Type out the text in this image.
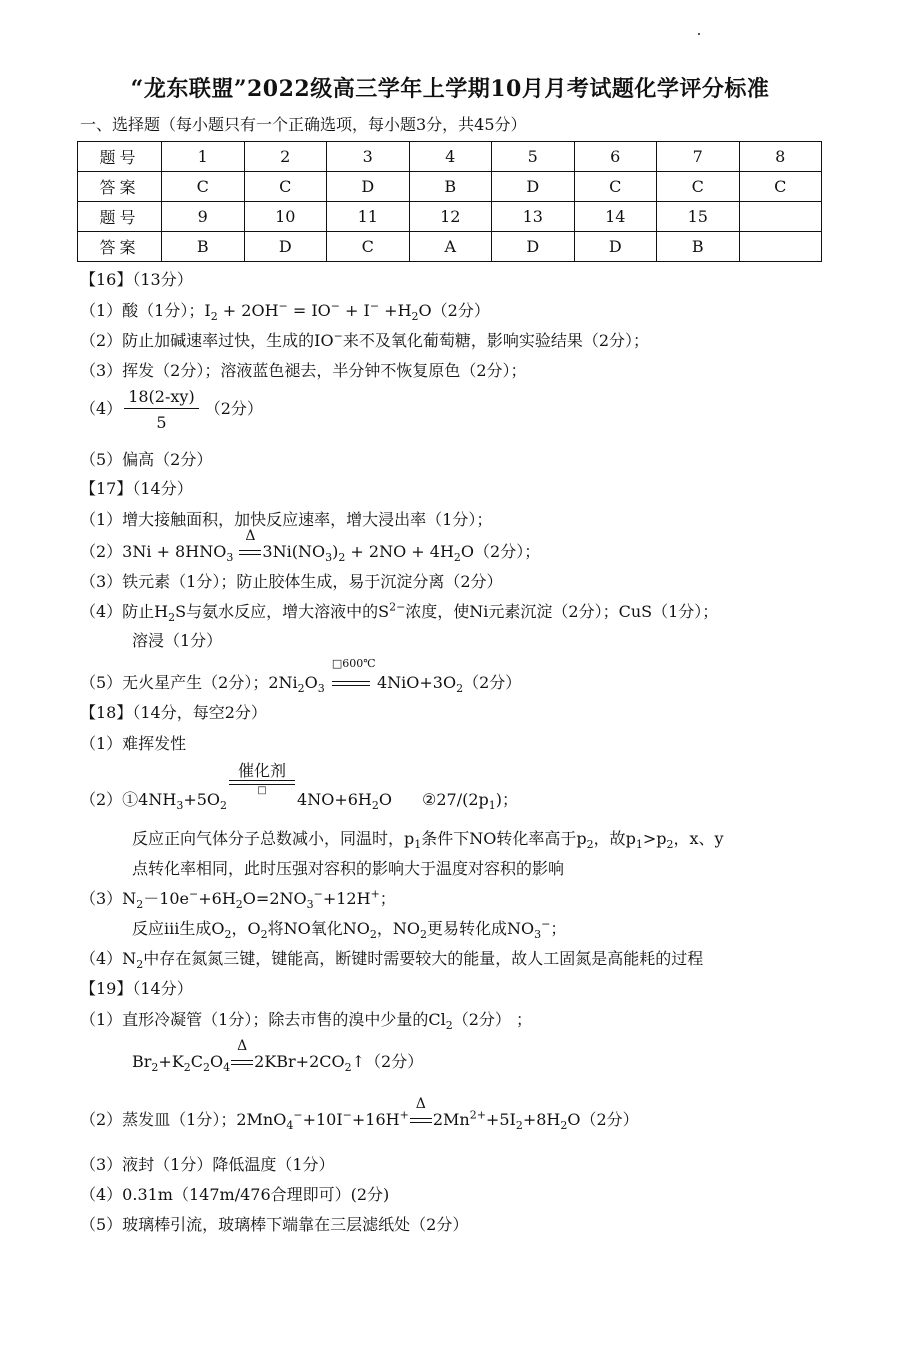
“龙东联盟”2022级高三学年上学期10月月考试题化学评分标准
一、选择题（每小题只有一个正确选项，每小题3分，共45分）
题号	1	2	3	4	5	6	7	8
答案	C	C	D	B	D	C	C	C
题号	9	10	11	12	13	14	15	
答案	B	D	C	A	D	D	B	
【16】（13分）
（1）酸（1分）；$I_2 + 2OH^- = IO^- + I^- +H_2O(2$分）
（2）防止加碱速率过快，生成的IO−来不及氧化葡萄糖，影响实验结果（2分）；
（3）挥发（2分）；溶液蓝色褪去，半分钟不恢复原色（2分）；
$(4) \frac{18(2-xy)}{5} (2$分）
（5）偏高（2分）
【17】（14分）
（1）增大接触面积，加快反应速率，增大浸出率（1分）；
$(2)3Ni + 8HNO_3$
Δ
$3Ni(NO_3)_2 + 2NO + 4H_2O(2$分）；
（3）铁元素（1分）；防止胶体生成，易于沉淀分离（2分）
（4）防止$H_2S$与氨水反应，增大溶液中的$S^{2-}$浓度，使Ni元素沉淀（2分）；CuS（1分）；
溶浸（1分）
（5）无火星产生（2分）；$2Ni_2O_3$
□600℃
$4NiO+3O_2(2$分）
【18】（14分，每空2分）
（1）难挥发性
$(2)①4NH_3+5O_2$
催化剂
□	$4NO+6H_2O$ $②27/(2p_1)$；
反应正向气体分子总数减小，同温时，$p_1$条件下NO转化率高于$p_2$，故$p_1>p_2$，x、y
点转化率相同，此时压强对容积的影响大于温度对容积的影响
$(3)N_2-10e^-+6H_2O=2NO_3^-+12H^+$；
反应iii生成$O_2$，$O_2$将NO氧化$NO_2$，$NO_2$更易转化成$NO_3^-$；
$(4)N_2$中存在氮氮三键，键能高，断键时需要较大的能量，故人工固氮是高能耗的过程
【19】（14分）
（1）直形冷凝管（1分）；除去市售的溴中少量的$Cl_2(2$分） ；
$Br_2+K_2C_2O_4$
Δ
$2KBr+2CO_2↑(2$分）
（2）蒸发皿（1分）；2MnO$_4$−+10I−+16H+
Δ
$2Mn^{2+}+5I_2+8H_2O(2$分）
（3）液封（1分）降低温度（1分）
（4）0.31m（147m/476合理即可）(2分)
（5）玻璃棒引流，玻璃棒下端靠在三层滤纸处（2分）
